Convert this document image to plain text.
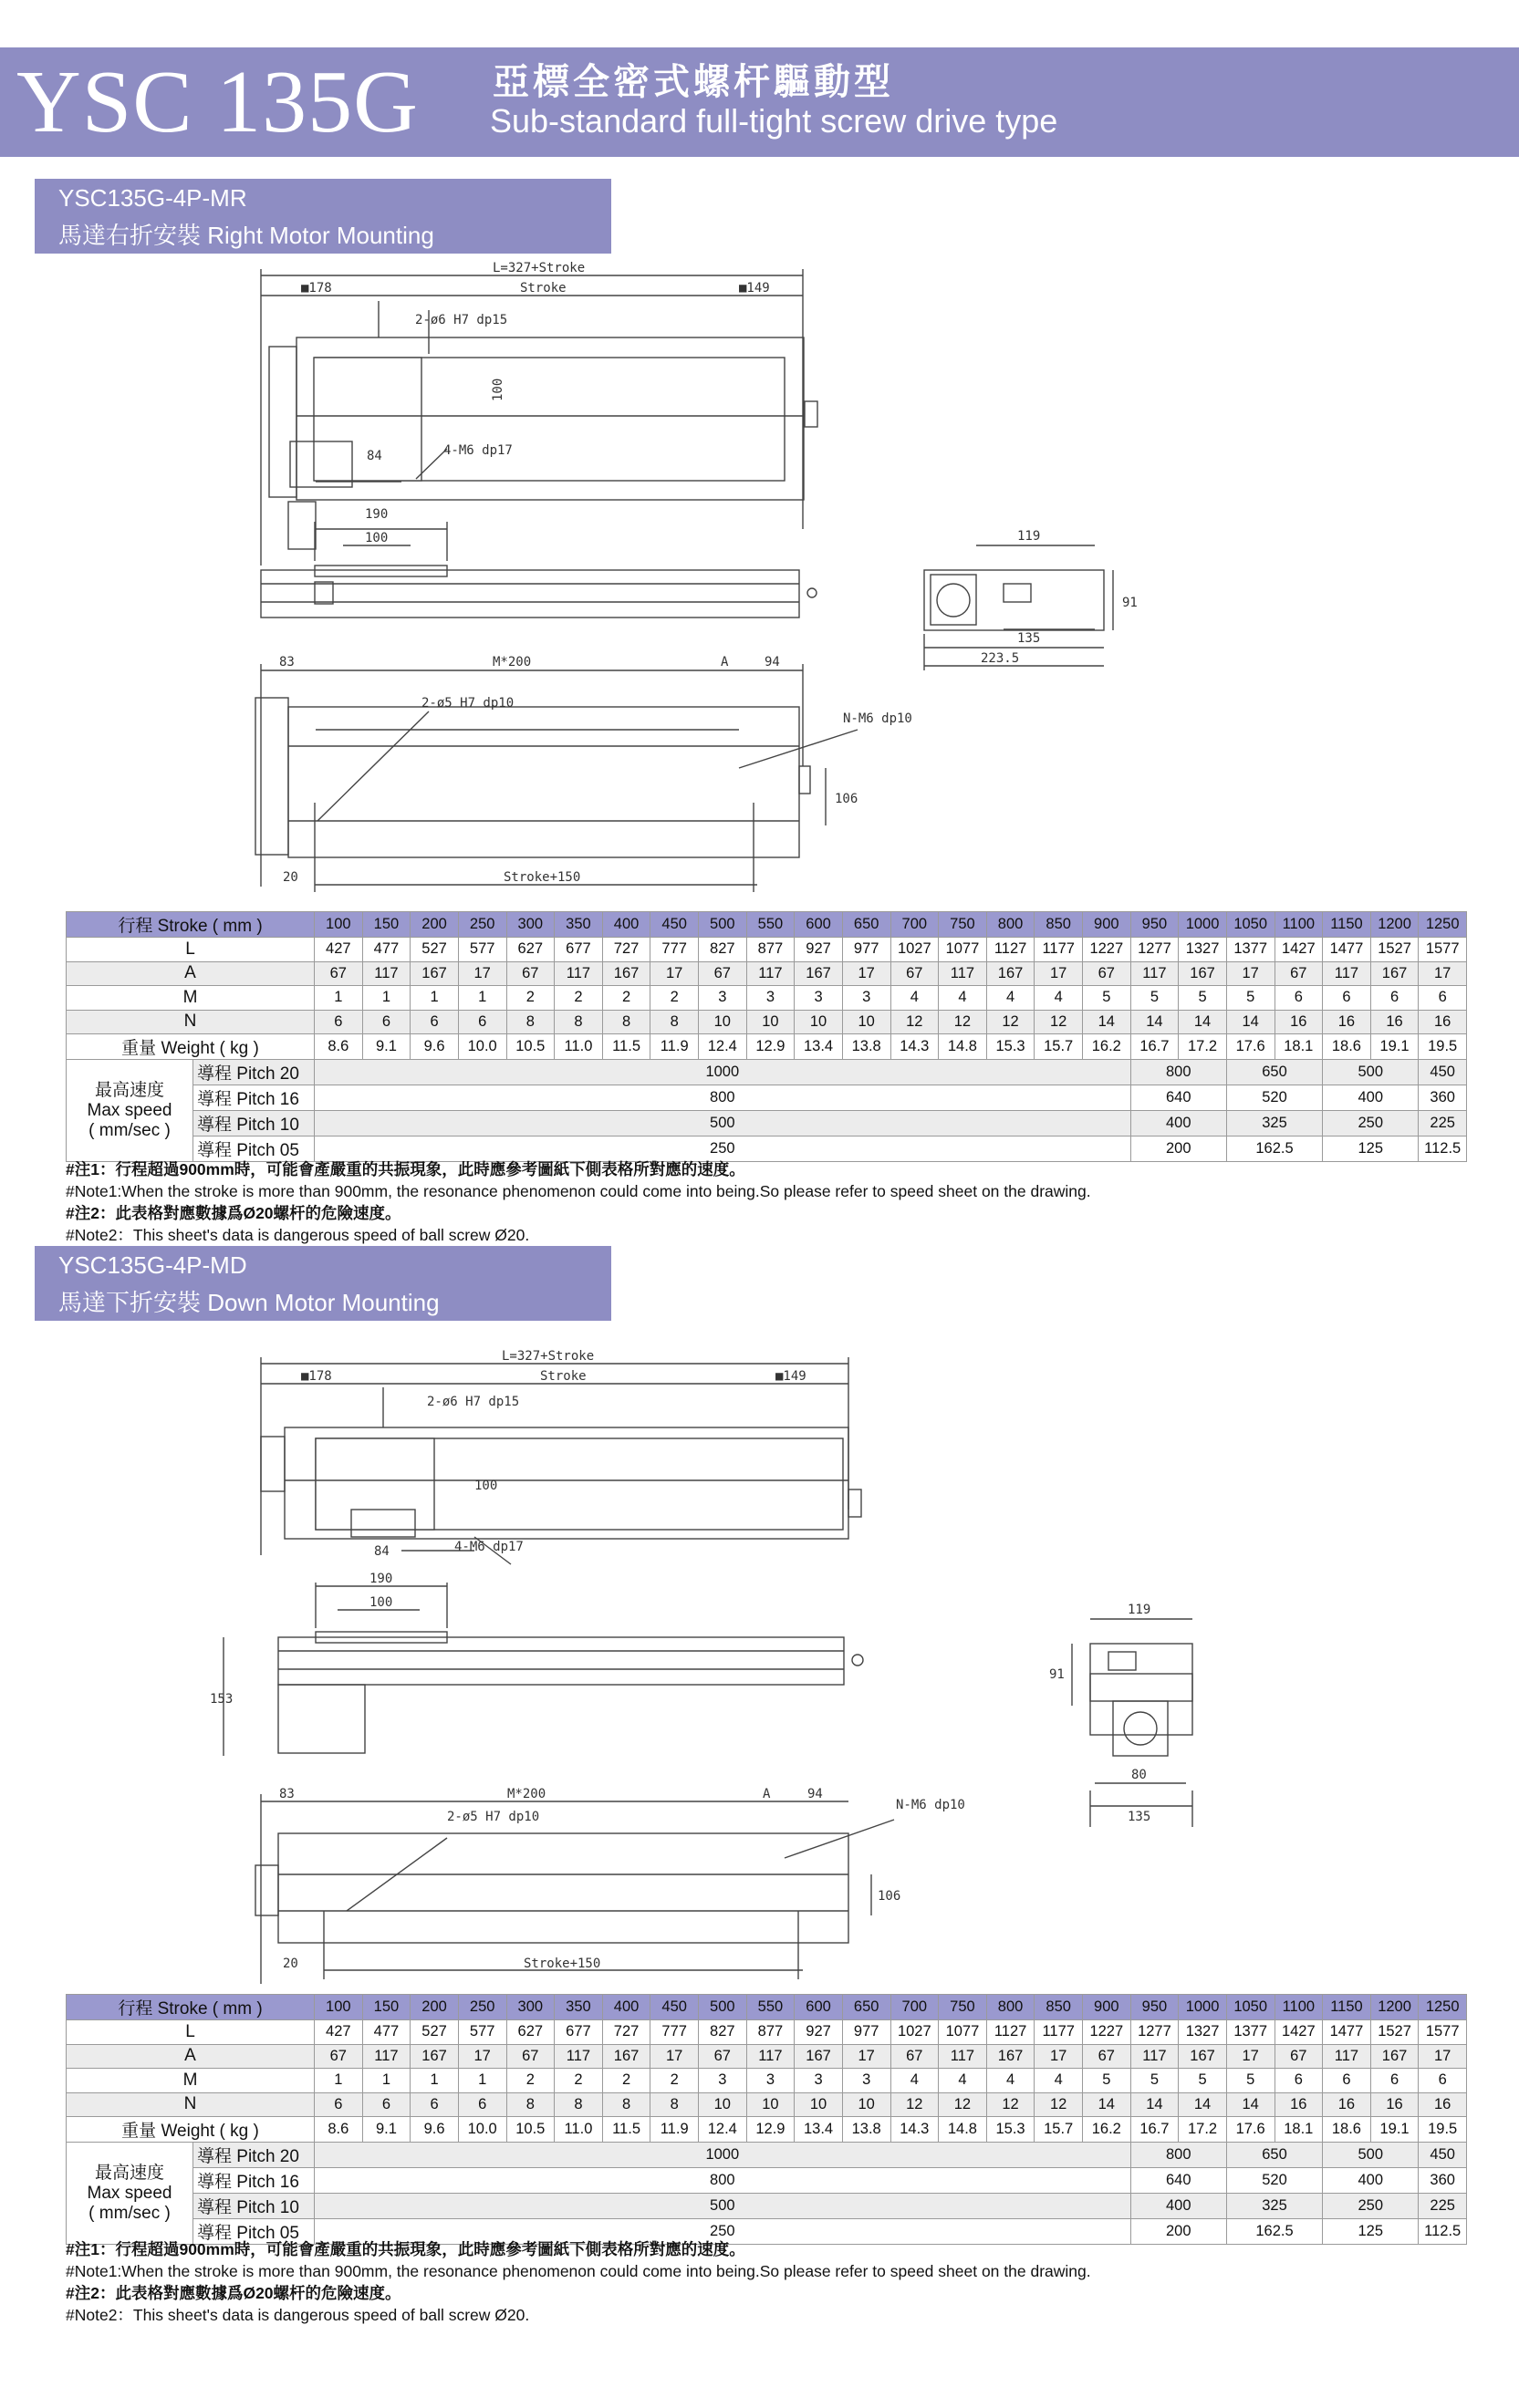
YSC 135G 亞標全密式螺杆驅動型
Sub-standard full-tight screw drive type
YSC135G-4P-MR
馬達右折安裝 Right Motor Mounting
L=327+Stroke
■178	Stroke	■149
2-ø6 H7 dp15
100
84	4-M6 dp17
190
100	119
91
135
223.5
83	M*200	A	94
2-ø5 H7 dp10
N-M6 dp10
106
20	Stroke+150
行程 Stroke ( mm )		100	150	200	250	300	350	400	450	500	550	600	650	700	750	800	850	900	950	1000	1050	1100	1150	1200	1250
L		427	477	527	577	627	677	727	777	827	877	927	977	1027	1077	1127	1177	1227	1277	1327	1377	1427	1477	1527	1577
A		67	117	167	17	67	117	167	17	67	117	167	17	67	117	167	17	67	117	167	17	67	117	167	17
M		1	1	1	1	2	2	2	2	3	3	3	3	4	4	4	4	5	5	5	5	6	6	6	6
N		6	6	6	6	8	8	8	8	10	10	10	10	12	12	12	12	14	14	14	14	16	16	16	16
重量 Weight ( kg )		8.6	9.1	9.6	10.0	10.5	11.0	11.5	11.9	12.4	12.9	13.4	13.8	14.3	14.8	15.3	15.7	16.2	16.7	17.2	17.6	18.1	18.6	19.1	19.5

最高速度
Max speed
( mm/sec )	導程 Pitch 20	1000																	800		650		500		450
	導程 Pitch 16	800																	640		520		400		360
	導程 Pitch 10	500																	400		325		250		225
	導程 Pitch 05	250																	200		162.5		125		112.5
#注1：行程超過900mm時，可能會產嚴重的共振現象，此時應參考圖紙下側表格所對應的速度。
#Note1:When the stroke is more than 900mm, the resonance phenomenon could come into being.So please refer to speed sheet on the drawing.
#注2：此表格對應數據爲Ø20螺杆的危險速度。
#Note2：This sheet's data is dangerous speed of ball screw Ø20.
YSC135G-4P-MD
馬達下折安裝 Down Motor Mounting
L=327+Stroke
■178	Stroke	■149
2-ø6 H7 dp15
100
84	4-M6 dp17
190
100
153
119
91
80
135
83	M*200	A	94
2-ø5 H7 dp10
N-M6 dp10
106
20	Stroke+150
行程 Stroke ( mm )		100	150	200	250	300	350	400	450	500	550	600	650	700	750	800	850	900	950	1000	1050	1100	1150	1200	1250
L		427	477	527	577	627	677	727	777	827	877	927	977	1027	1077	1127	1177	1227	1277	1327	1377	1427	1477	1527	1577
A		67	117	167	17	67	117	167	17	67	117	167	17	67	117	167	17	67	117	167	17	67	117	167	17
M		1	1	1	1	2	2	2	2	3	3	3	3	4	4	4	4	5	5	5	5	6	6	6	6
N		6	6	6	6	8	8	8	8	10	10	10	10	12	12	12	12	14	14	14	14	16	16	16	16
重量 Weight ( kg )		8.6	9.1	9.6	10.0	10.5	11.0	11.5	11.9	12.4	12.9	13.4	13.8	14.3	14.8	15.3	15.7	16.2	16.7	17.2	17.6	18.1	18.6	19.1	19.5

最高速度
Max speed
( mm/sec )	導程 Pitch 20	1000																	800		650		500		450
	導程 Pitch 16	800																	640		520		400		360
	導程 Pitch 10	500																	400		325		250		225
	導程 Pitch 05	250																	200		162.5		125		112.5
#注1：行程超過900mm時，可能會產嚴重的共振現象，此時應參考圖紙下側表格所對應的速度。
#Note1:When the stroke is more than 900mm, the resonance phenomenon could come into being.So please refer to speed sheet on the drawing.
#注2：此表格對應數據爲Ø20螺杆的危險速度。
#Note2：This sheet's data is dangerous speed of ball screw Ø20.
